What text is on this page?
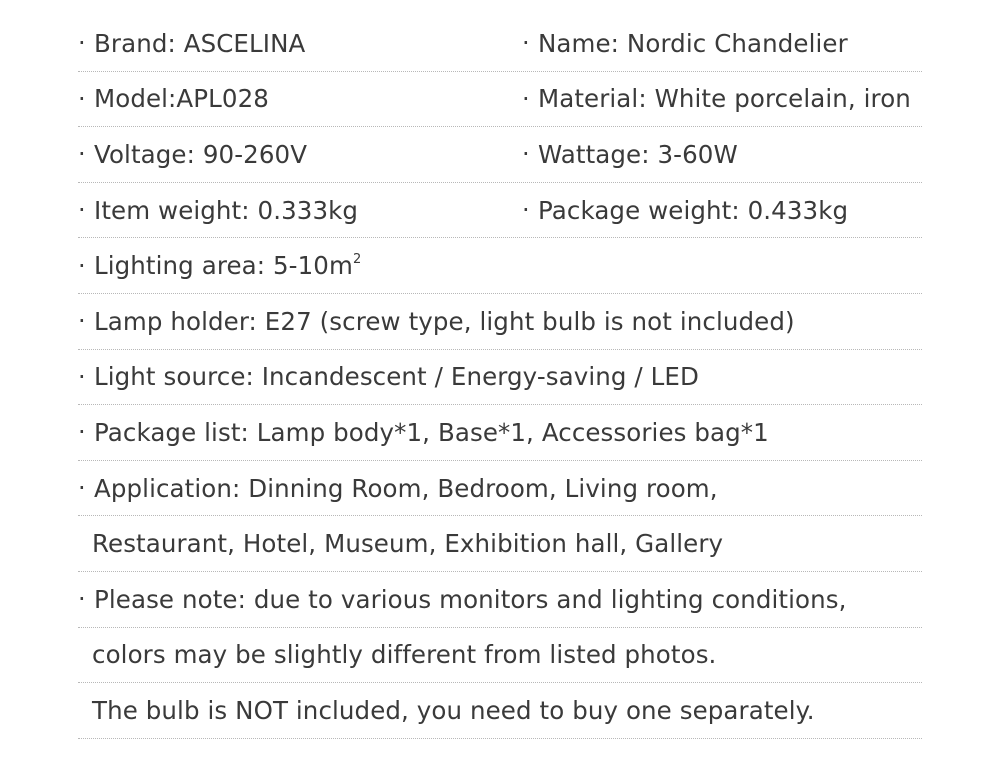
· Brand: ASCELINA	· Name: Nordic Chandelier
· Model:APL028	· Material: White porcelain, iron
· Voltage: 90-260V	· Wattage: 3-60W
· Item weight: 0.333kg	· Package weight: 0.433kg
· Lighting area: $5-10m^2$
· Lamp holder: E27 (screw type, light bulb is not included)
· Light source: Incandescent / Energy-saving / LED
· Package list: Lamp body*1, Base*1, Accessories bag*1
· Application: Dinning Room, Bedroom, Living room,
Restaurant, Hotel, Museum, Exhibition hall, Gallery
· Please note: due to various monitors and lighting conditions,
colors may be slightly different from listed photos.
The bulb is NOT included, you need to buy one separately.
